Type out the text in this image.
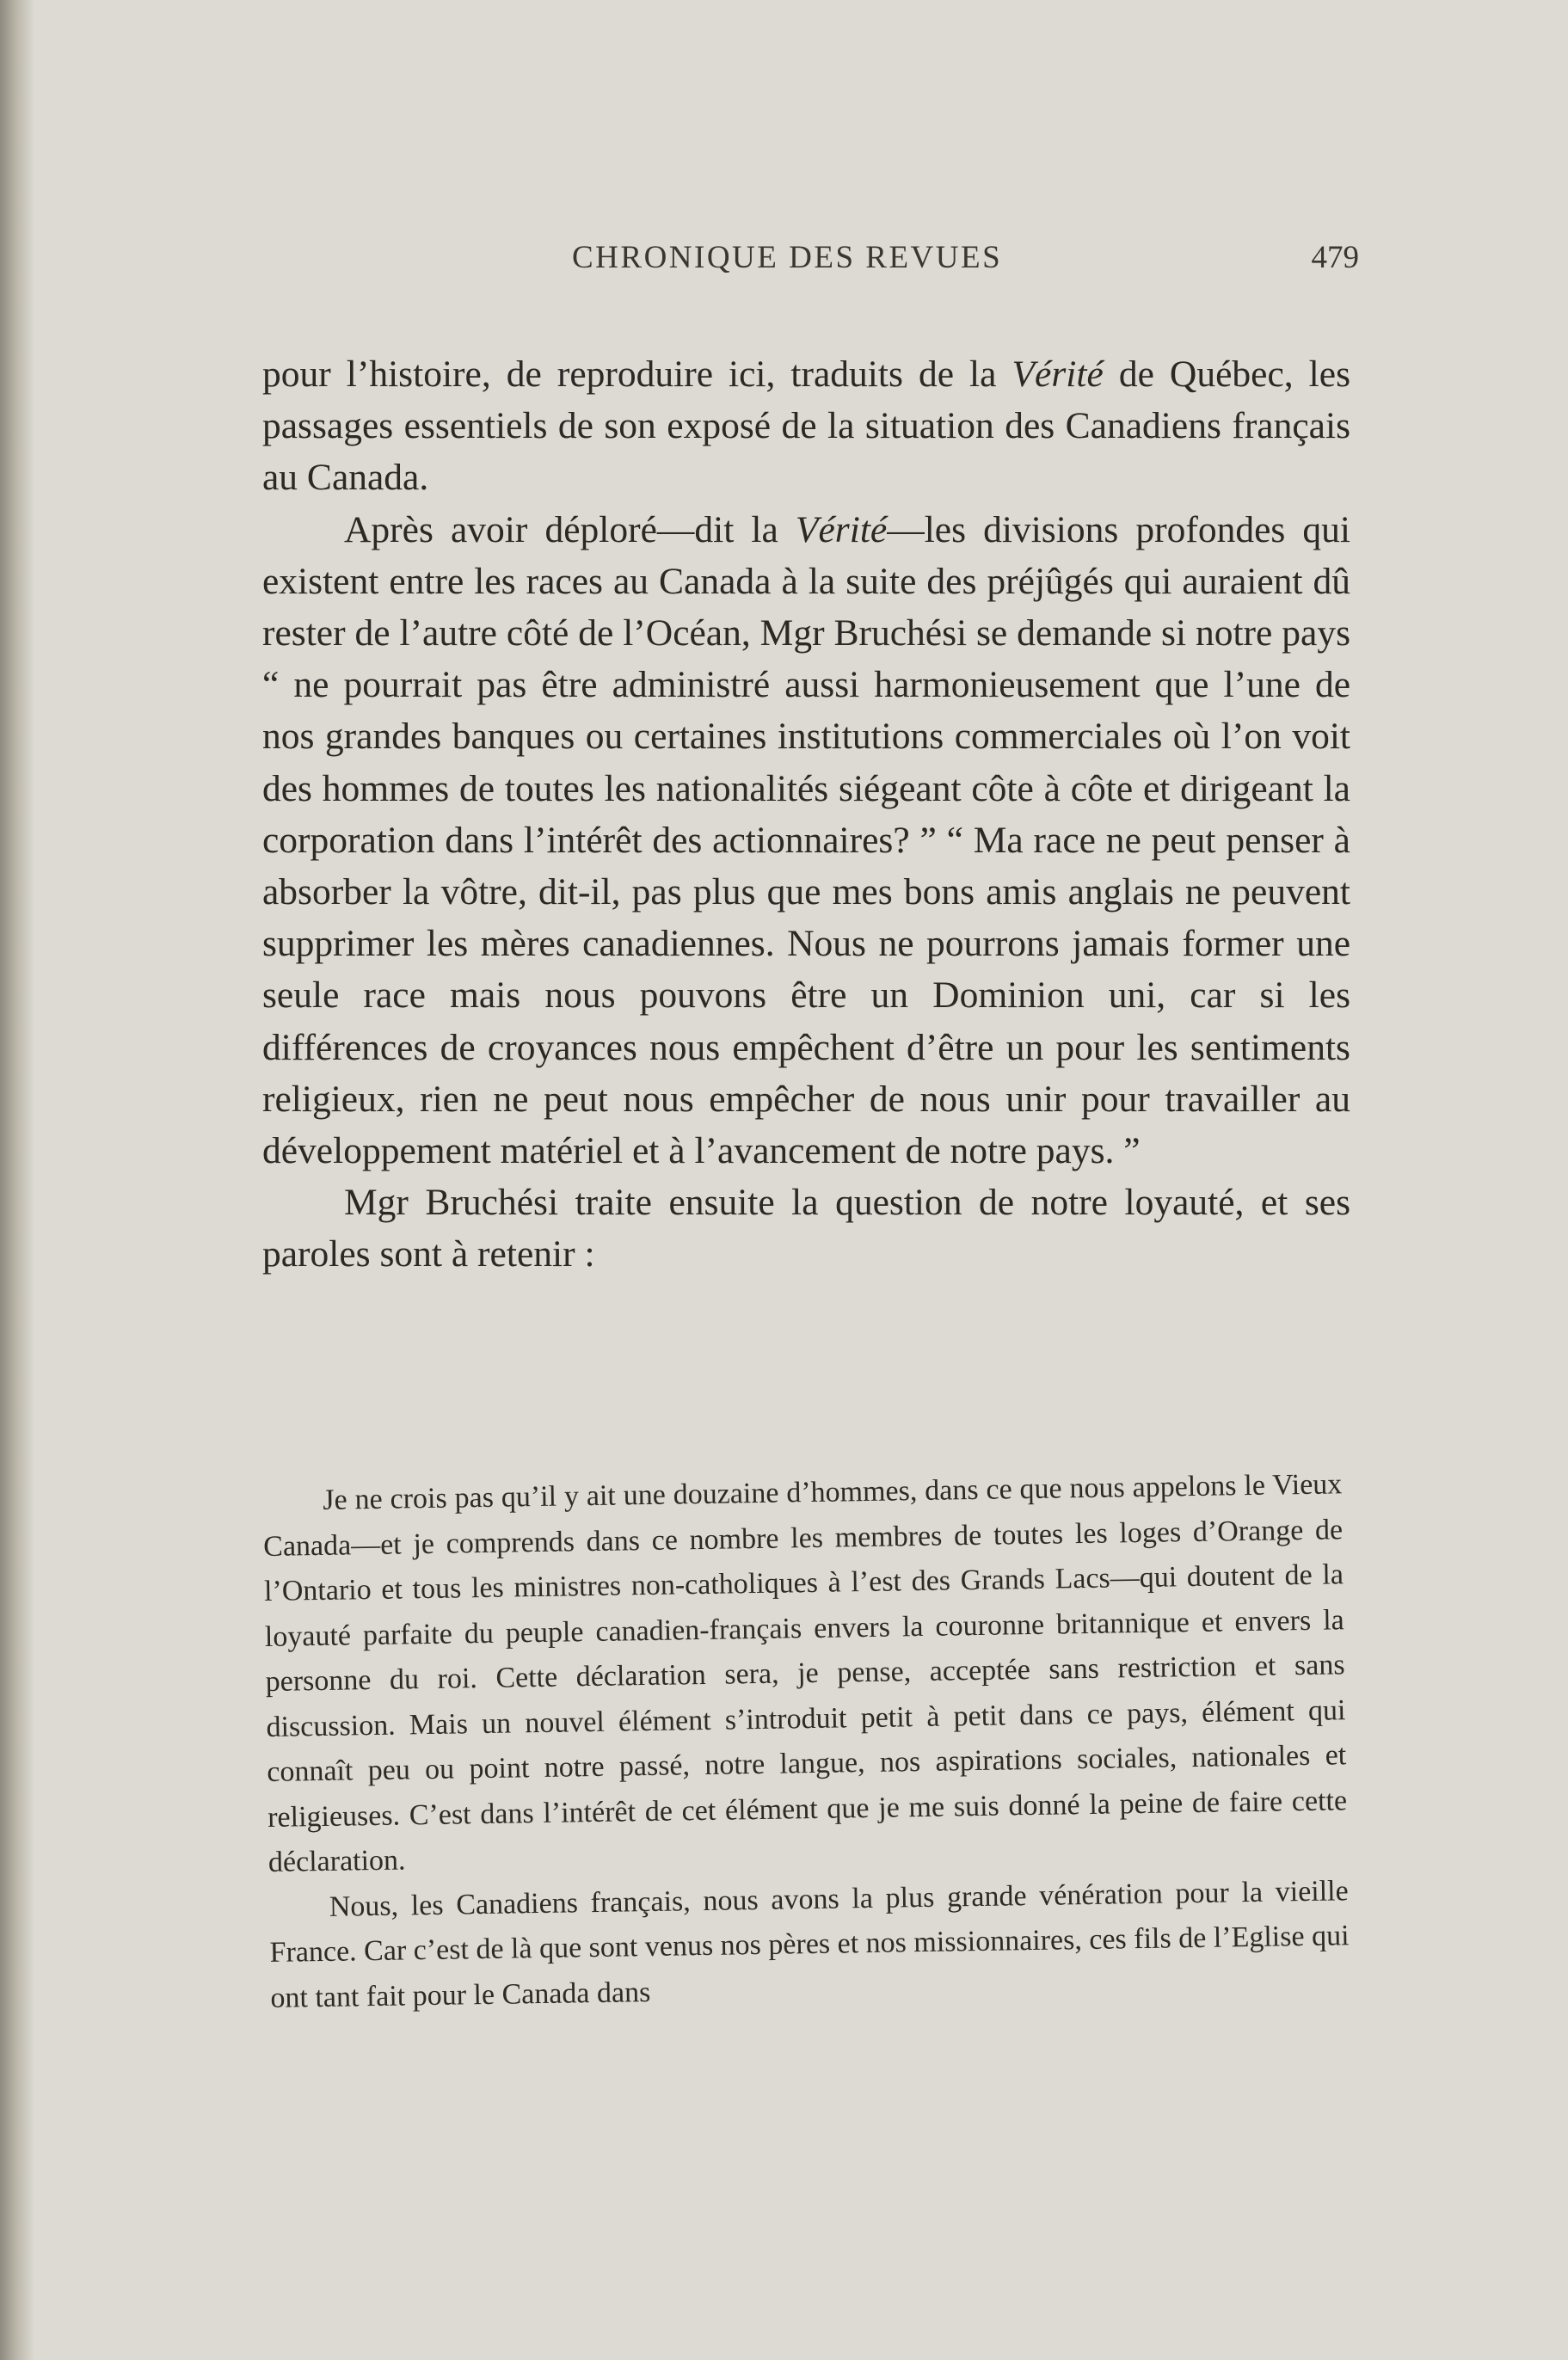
CHRONIQUE DES REVUES	479

pour l’histoire, de reproduire ici, traduits de la Vérité de Québec, les passages essentiels de son exposé de la situation des Canadiens français au Canada.

Après avoir déploré—dit la Vérité—les divisions profondes qui existent entre les races au Canada à la suite des préjûgés qui auraient dû rester de l’autre côté de l’Océan, Mgr Bruchési se demande si notre pays “ ne pourrait pas être administré aussi harmonieusement que l’une de nos grandes banques ou certaines institutions commerciales où l’on voit des hommes de toutes les nationalités siégeant côte à côte et dirigeant la corporation dans l’intérêt des actionnaires? ” “ Ma race ne peut penser à absorber la vôtre, dit-il, pas plus que mes bons amis anglais ne peuvent supprimer les mères canadiennes. Nous ne pourrons jamais former une seule race mais nous pouvons être un Dominion uni, car si les différences de croyances nous empêchent d’être un pour les sentiments religieux, rien ne peut nous empêcher de nous unir pour travailler au développement matériel et à l’avancement de notre pays. ”

Mgr Bruchési traite ensuite la question de notre loyauté, et ses paroles sont à retenir :

Je ne crois pas qu’il y ait une douzaine d’hommes, dans ce que nous appelons le Vieux Canada—et je comprends dans ce nombre les membres de toutes les loges d’Orange de l’Ontario et tous les ministres non-catholiques à l’est des Grands Lacs—qui doutent de la loyauté parfaite du peuple canadien-français envers la couronne britannique et envers la personne du roi. Cette déclaration sera, je pense, acceptée sans restriction et sans discussion. Mais un nouvel élément s’introduit petit à petit dans ce pays, élément qui connaît peu ou point notre passé, notre langue, nos aspirations sociales, nationales et religieuses. C’est dans l’intérêt de cet élément que je me suis donné la peine de faire cette déclaration.

Nous, les Canadiens français, nous avons la plus grande vénération pour la vieille France. Car c’est de là que sont venus nos pères et nos missionnaires, ces fils de l’Eglise qui ont tant fait pour le Canada dans
